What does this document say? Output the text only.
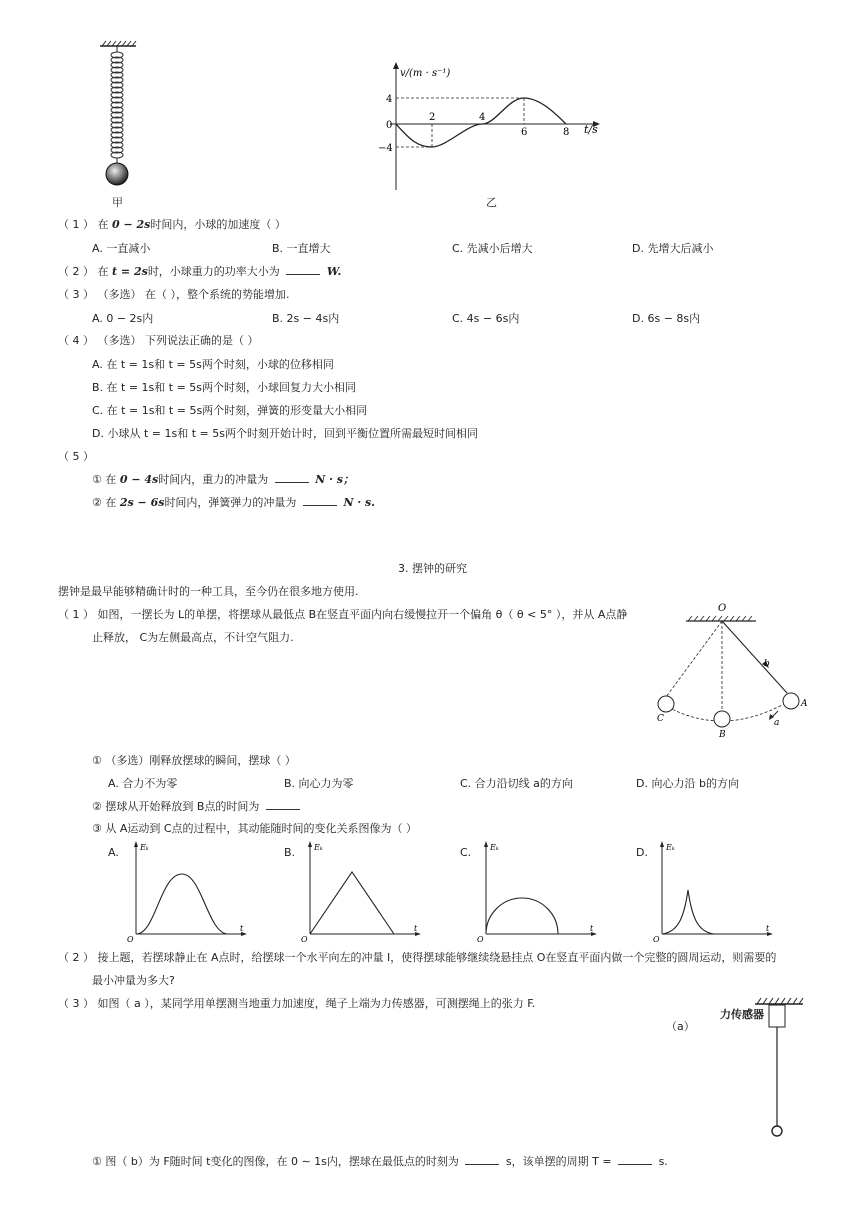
甲
v/(m · s⁻¹)
t/s
4
0
−4
2	4
6	8
乙
（ 1 ） 在 0 − 2s时间内，小球的加速度（ ）
A. 一直减小	B. 一直增大	C. 先减小后增大	D. 先增大后减小
（ 2 ） 在 t = 2s时，小球重力的功率大小为	W.
（ 3 ） （多选） 在（ ），整个系统的势能增加.
A. 0 − 2s内	B. 2s − 4s内	C. 4s − 6s内	D. 6s − 8s内
（ 4 ） （多选） 下列说法正确的是（ ）
A. 在 t = 1s和 t = 5s两个时刻，小球的位移相同
B. 在 t = 1s和 t = 5s两个时刻，小球回复力大小相同
C. 在 t = 1s和 t = 5s两个时刻，弹簧的形变量大小相同
D. 小球从 t = 1s和 t = 5s两个时刻开始计时，回到平衡位置所需最短时间相同
（ 5 ）
① 在 0 − 4s时间内，重力的冲量为	N · s；
② 在 2s − 6s时间内，弹簧弹力的冲量为	N · s.
3. 摆钟的研究
摆钟是最早能够精确计时的一种工具，至今仍在很多地方使用.
（ 1 ） 如图，一摆长为 L的单摆，将摆球从最低点 B在竖直平面内向右缓慢拉开一个偏角 θ（ θ < 5° ），并从 A点静
止释放， C为左侧最高点，不计空气阻力.
O
b
a
A
B
C
① （多选）刚释放摆球的瞬间，摆球（ ）
A. 合力不为零	B. 向心力为零	C. 合力沿切线 a的方向	D. 向心力沿 b的方向
② 摆球从开始释放到 B点的时间为
③ 从 A运动到 C点的过程中，其动能随时间的变化关系图像为（ ）
A.	B.	C.	D.
Eₖ
t
O
Eₖ
t
O
Eₖ
t
O
Eₖ
t
O
（ 2 ） 接上题，若摆球静止在 A点时，给摆球一个水平向左的冲量 I，使得摆球能够继续绕悬挂点 O在竖直平面内做一个完整的圆周运动，则需要的
最小冲量为多大?
（ 3 ） 如图（ a ），某同学用单摆测当地重力加速度，绳子上端为力传感器，可测摆绳上的张力 F.
（a）
力传感器
① 图（ b）为 F随时间 t变化的图像，在 0 ∼ 1s内，摆球在最低点的时刻为	s，该单摆的周期 T =	s.
